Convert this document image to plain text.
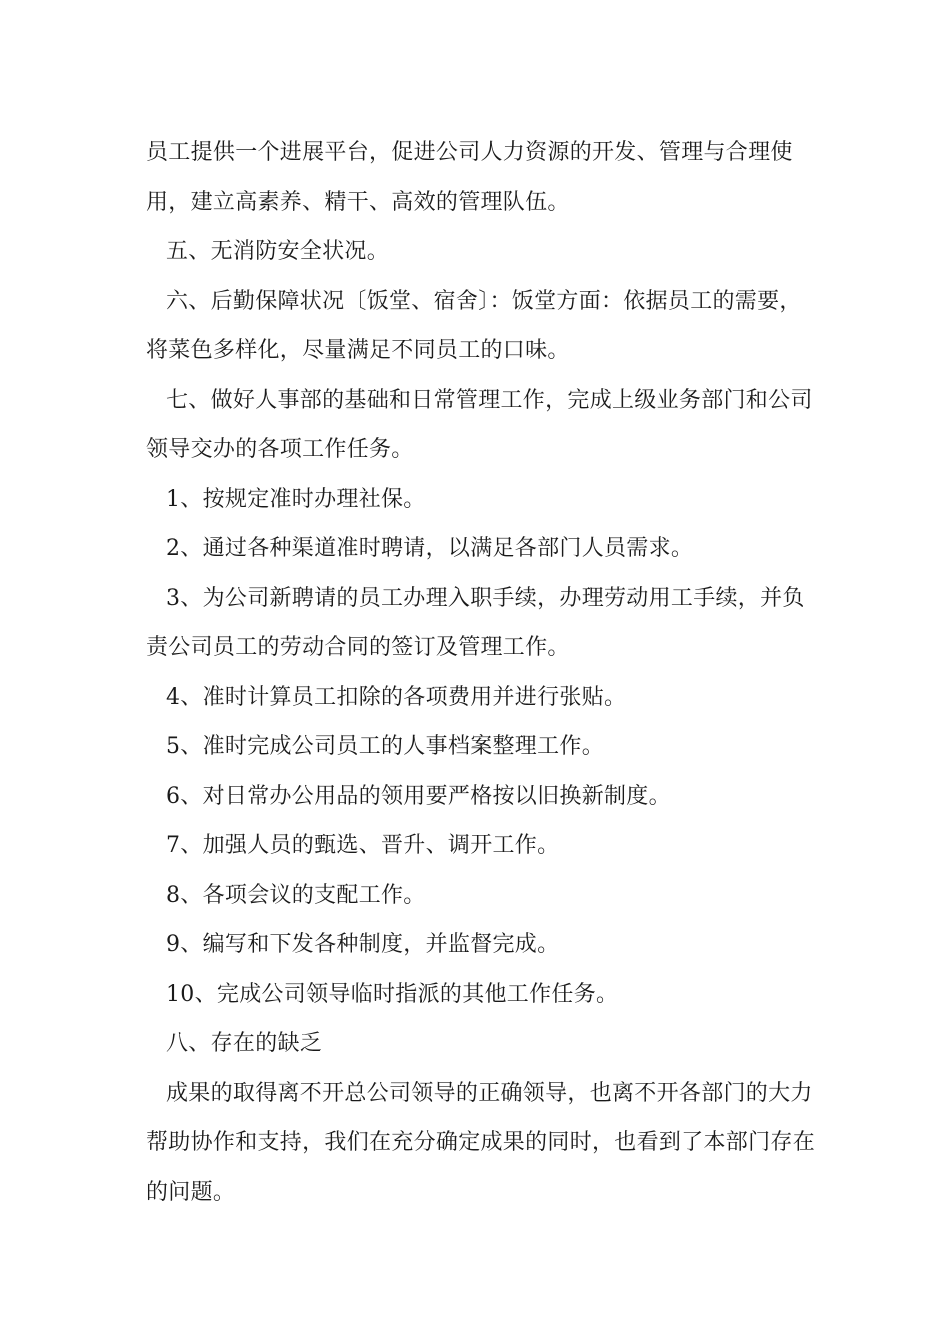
员工提供一个进展平台，促进公司人力资源的开发、管理与合理使用，建立高素养、精干、高效的管理队伍。

五、无消防安全状况。

六、后勤保障状况〔饭堂、宿舍〕：饭堂方面：依据员工的需要，将菜色多样化，尽量满足不同员工的口味。

七、做好人事部的基础和日常管理工作，完成上级业务部门和公司领导交办的各项工作任务。

1、按规定准时办理社保。

2、通过各种渠道准时聘请，以满足各部门人员需求。

3、为公司新聘请的员工办理入职手续，办理劳动用工手续，并负责公司员工的劳动合同的签订及管理工作。

4、准时计算员工扣除的各项费用并进行张贴。

5、准时完成公司员工的人事档案整理工作。

6、对日常办公用品的领用要严格按以旧换新制度。

7、加强人员的甄选、晋升、调开工作。

8、各项会议的支配工作。

9、编写和下发各种制度，并监督完成。

10、完成公司领导临时指派的其他工作任务。

八、存在的缺乏

成果的取得离不开总公司领导的正确领导，也离不开各部门的大力帮助协作和支持，我们在充分确定成果的同时，也看到了本部门存在的问题。
